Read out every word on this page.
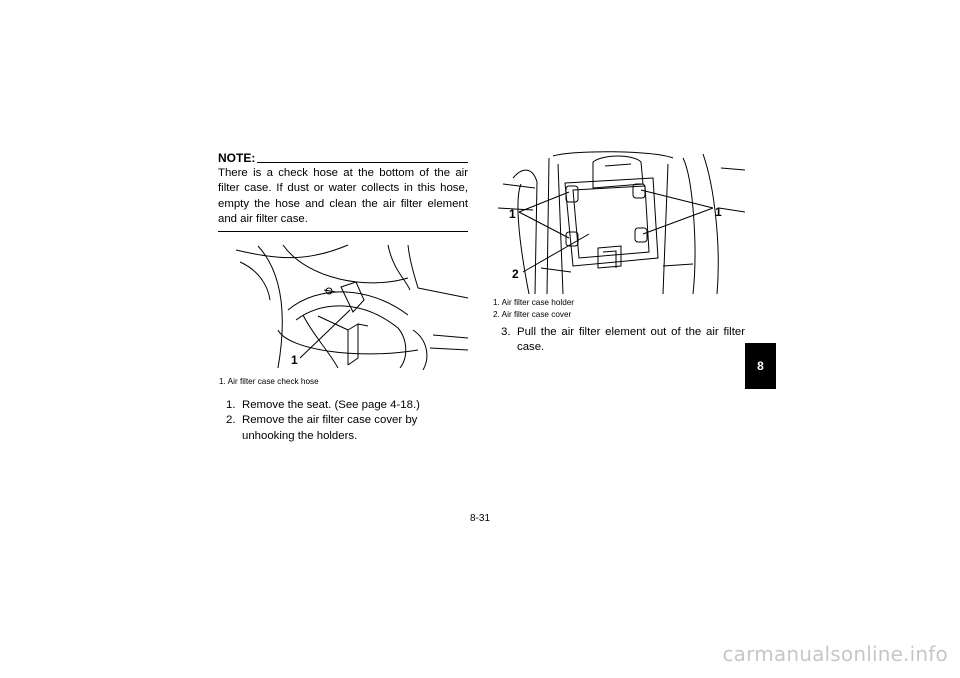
NOTE:
There is a check hose at the bottom of the air filter case. If dust or water collects in this hose, empty the hose and clean the air filter element and air filter case.
1
1. Air filter case check hose
1. Remove the seat. (See page 4-18.)
2. Remove the air filter case cover by unhooking the holders.
1	1
2
1. Air filter case holder
2. Air filter case cover
3. Pull the air filter element out of the air filter case.
8
8-31
carmanualsonline.info
